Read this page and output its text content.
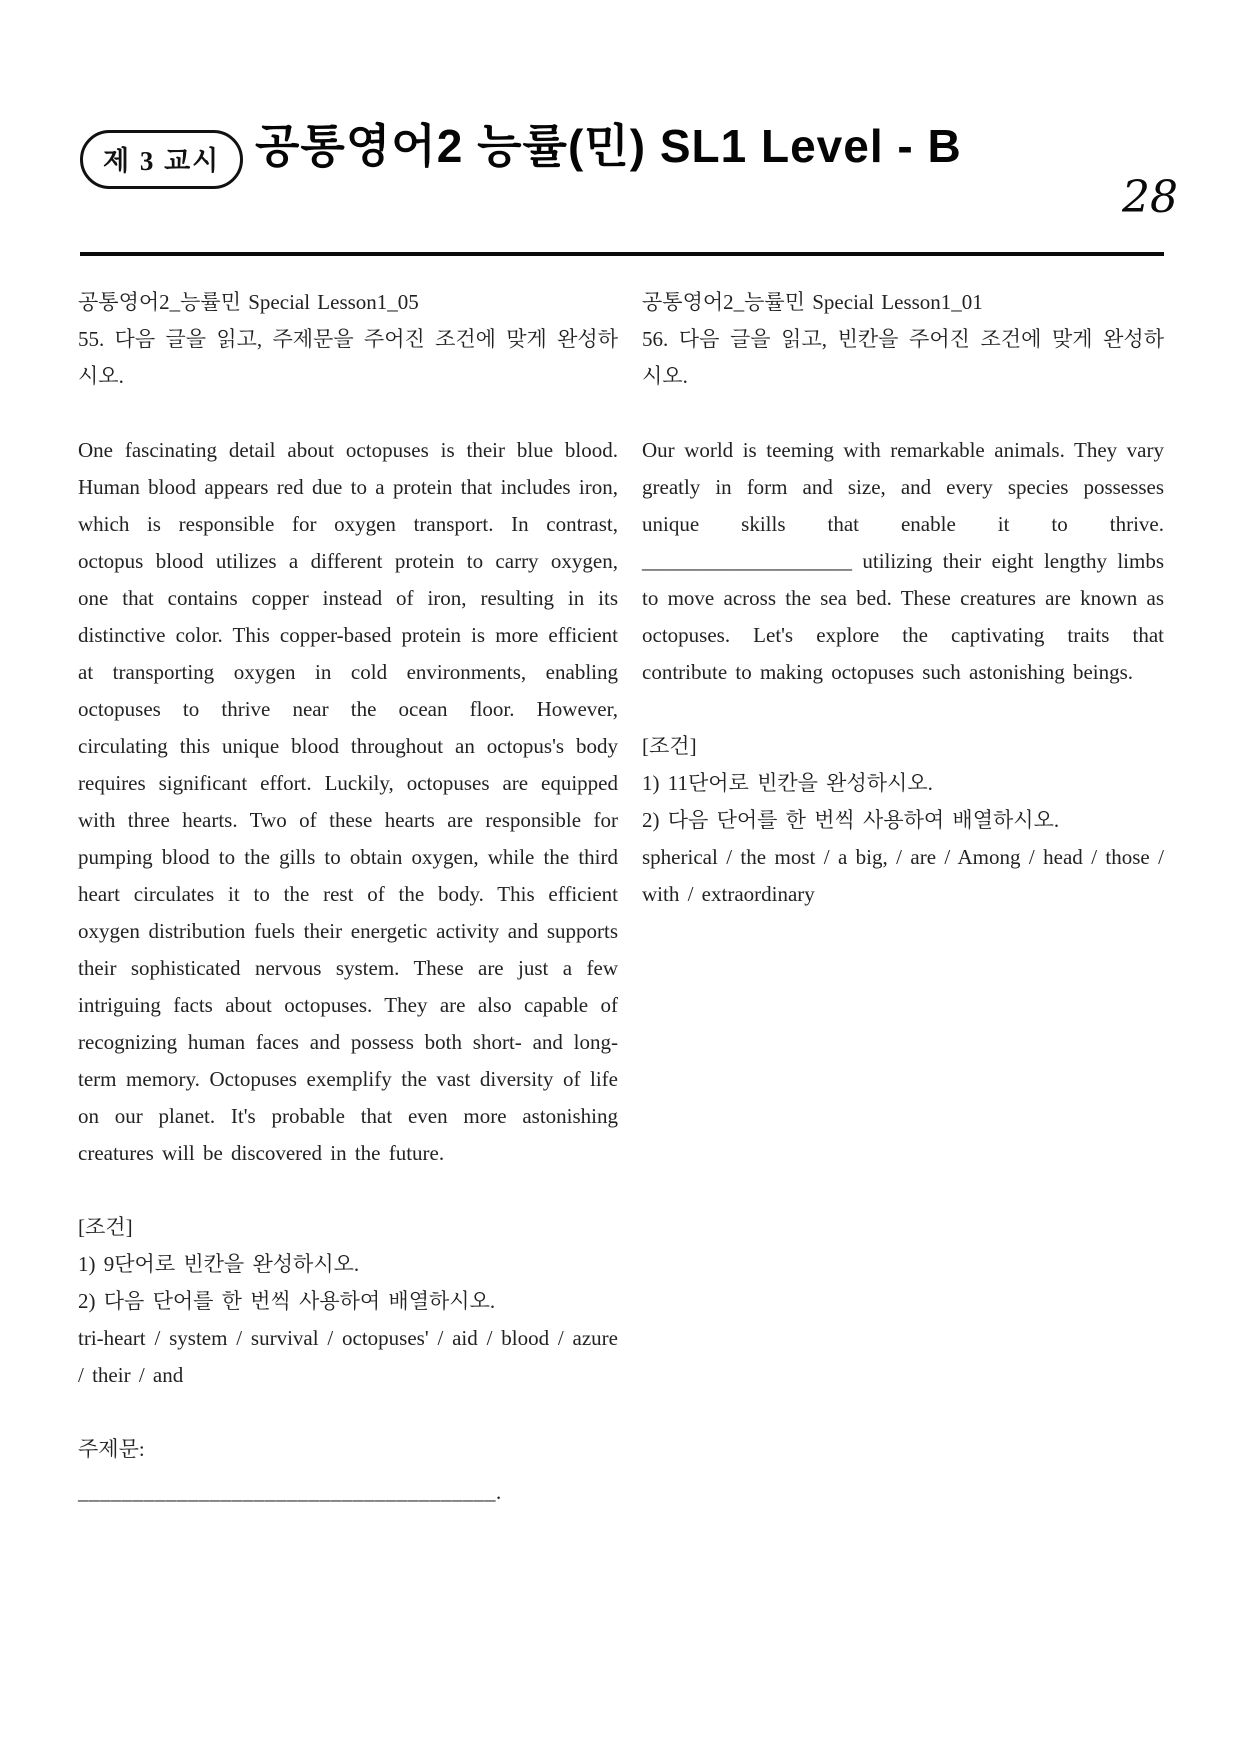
제 3 교시 공통영어2 능률(민) SL1 Level - B
28
공통영어2_능률민 Special Lesson1_05
55. 다음 글을 읽고, 주제문을 주어진 조건에 맞게 완성하시오.
One fascinating detail about octopuses is their blue blood. Human blood appears red due to a protein that includes iron, which is responsible for oxygen transport. In contrast, octopus blood utilizes a different protein to carry oxygen, one that contains copper instead of iron, resulting in its distinctive color. This copper-based protein is more efficient at transporting oxygen in cold environments, enabling octopuses to thrive near the ocean floor. However, circulating this unique blood throughout an octopus's body requires significant effort. Luckily, octopuses are equipped with three hearts. Two of these hearts are responsible for pumping blood to the gills to obtain oxygen, while the third heart circulates it to the rest of the body. This efficient oxygen distribution fuels their energetic activity and supports their sophisticated nervous system. These are just a few intriguing facts about octopuses. They are also capable of recognizing human faces and possess both short- and long-term memory. Octopuses exemplify the vast diversity of life on our planet. It's probable that even more astonishing creatures will be discovered in the future.
[조건]
1) 9단어로 빈칸을 완성하시오.
2) 다음 단어를 한 번씩 사용하여 배열하시오.
tri-heart / system / survival / octopuses' / aid / blood / azure / their / and
주제문:
______________________________________.
공통영어2_능률민 Special Lesson1_01
56. 다음 글을 읽고, 빈칸을 주어진 조건에 맞게 완성하시오.
Our world is teeming with remarkable animals. They vary greatly in form and size, and every species possesses unique skills that enable it to thrive. ____________________ utilizing their eight lengthy limbs to move across the sea bed. These creatures are known as octopuses. Let's explore the captivating traits that contribute to making octopuses such astonishing beings.
[조건]
1) 11단어로 빈칸을 완성하시오.
2) 다음 단어를 한 번씩 사용하여 배열하시오.
spherical / the most / a big, / are / Among / head / those / with / extraordinary
